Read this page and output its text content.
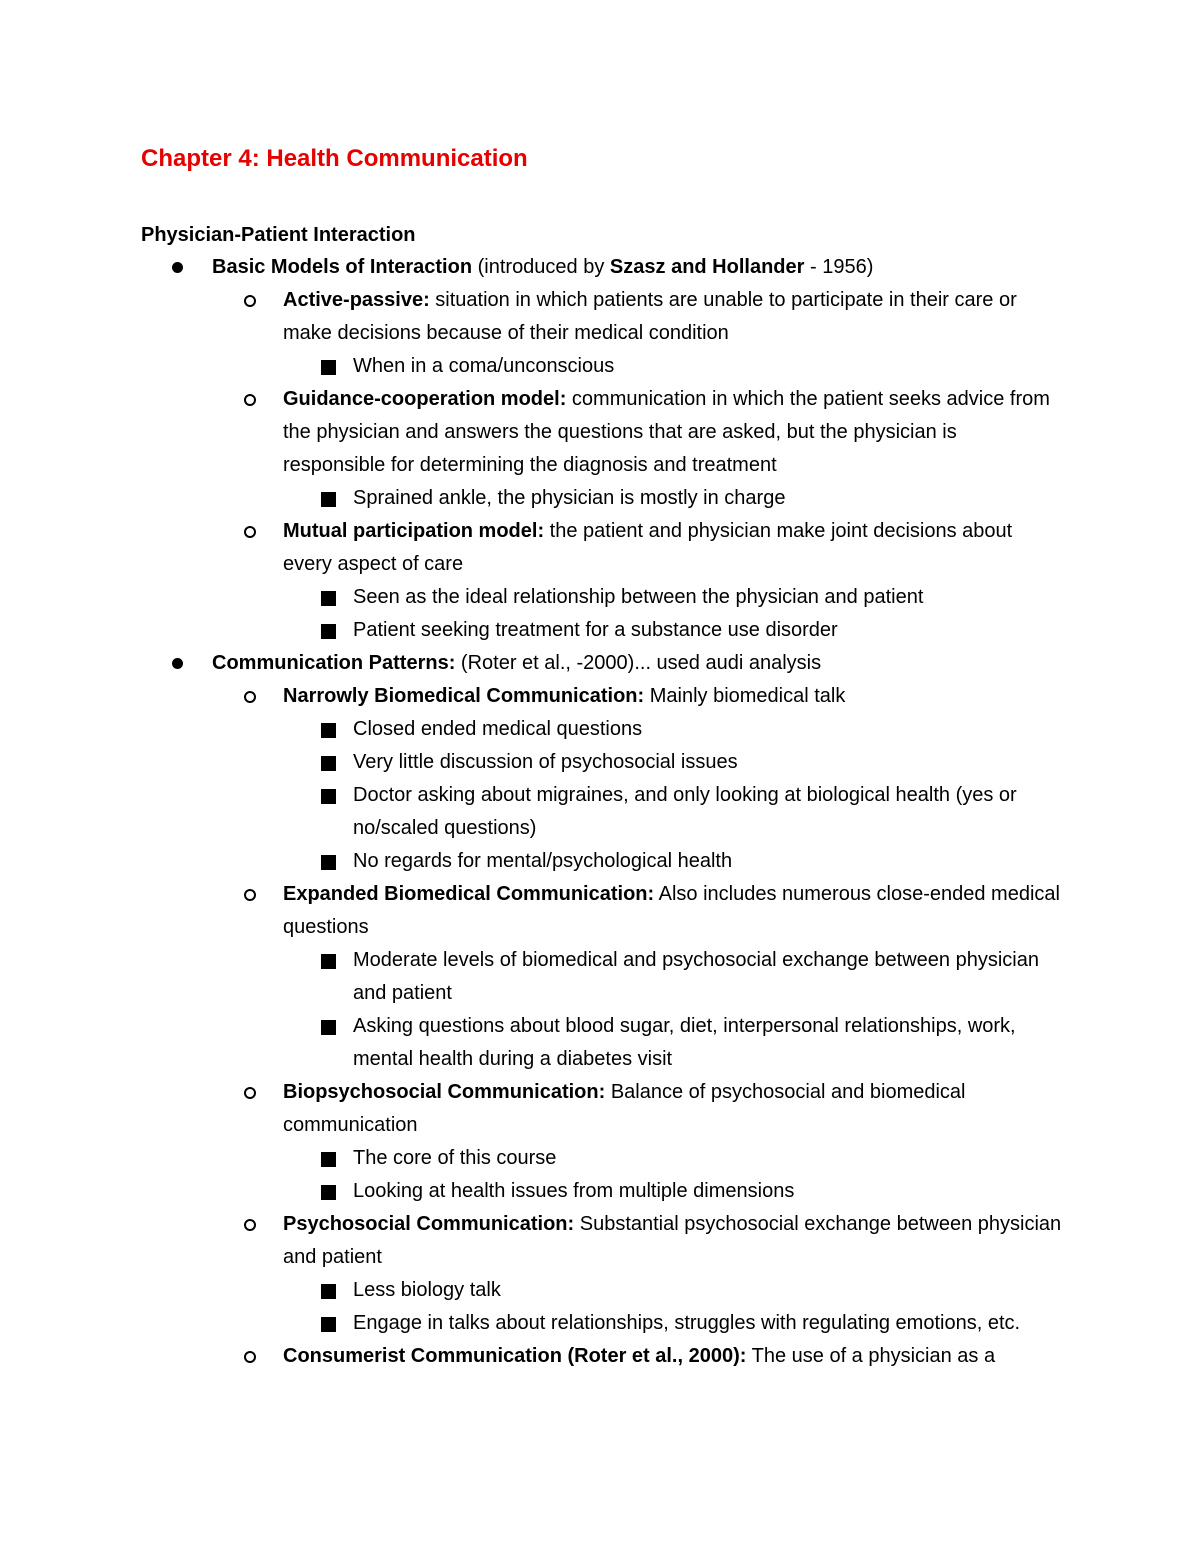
Chapter 4: Health Communication
Physician-Patient Interaction
Basic Models of Interaction (introduced by Szasz and Hollander - 1956)
Active-passive: situation in which patients are unable to participate in their care or make decisions because of their medical condition
When in a coma/unconscious
Guidance-cooperation model: communication in which the patient seeks advice from the physician and answers the questions that are asked, but the physician is responsible for determining the diagnosis and treatment
Sprained ankle, the physician is mostly in charge
Mutual participation model: the patient and physician make joint decisions about every aspect of care
Seen as the ideal relationship between the physician and patient
Patient seeking treatment for a substance use disorder
Communication Patterns: (Roter et al., -2000)... used audi analysis
Narrowly Biomedical Communication: Mainly biomedical talk
Closed ended medical questions
Very little discussion of psychosocial issues
Doctor asking about migraines, and only looking at biological health (yes or no/scaled questions)
No regards for mental/psychological health
Expanded Biomedical Communication: Also includes numerous close-ended medical questions
Moderate levels of biomedical and psychosocial exchange between physician and patient
Asking questions about blood sugar, diet, interpersonal relationships, work, mental health during a diabetes visit
Biopsychosocial Communication: Balance of psychosocial and biomedical communication
The core of this course
Looking at health issues from multiple dimensions
Psychosocial Communication: Substantial psychosocial exchange between physician and patient
Less biology talk
Engage in talks about relationships, struggles with regulating emotions, etc.
Consumerist Communication (Roter et al., 2000): The use of a physician as a
